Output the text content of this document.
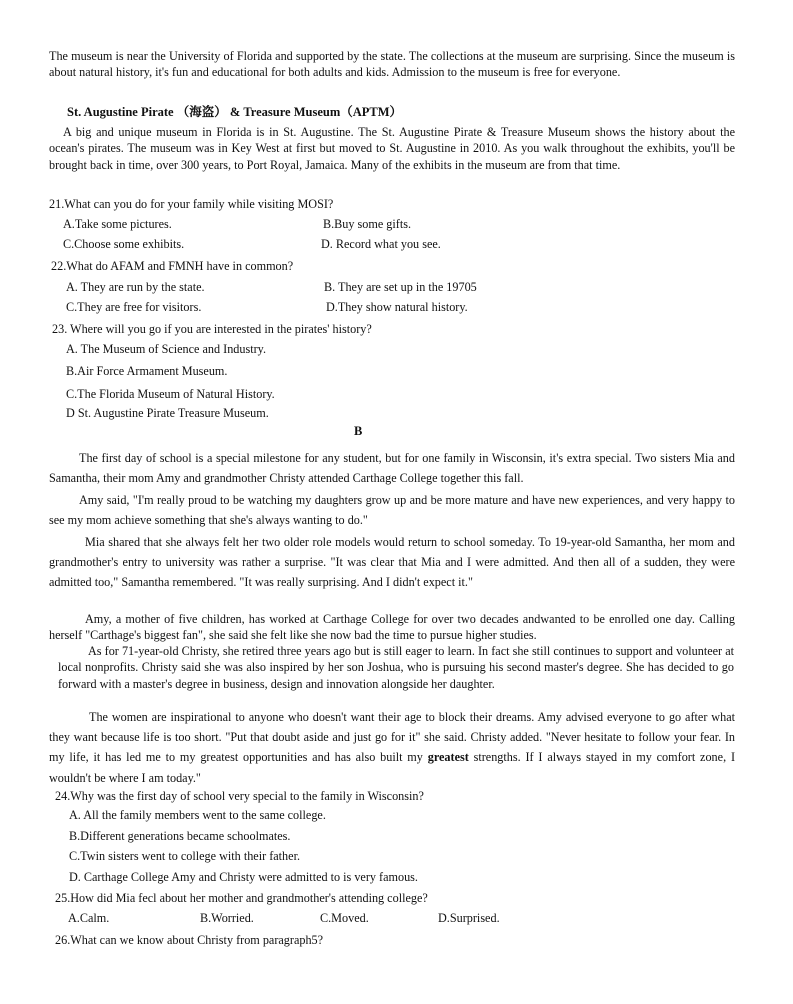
The museum is near the University of Florida and supported by the state. The collections at the museum are surprising. Since the museum is about natural history, it's fun and educational for both adults and kids. Admission to the museum is free for everyone.

St. Augustine Pirate （海盗） & Treasure Museum（APTM）

A big and unique museum in Florida is in St. Augustine. The St. Augustine Pirate & Treasure Museum shows the history about the ocean's pirates. The museum was in Key West at first but moved to St. Augustine in 2010. As you walk throughout the exhibits, you'll be brought back in time, over 300 years, to Port Royal, Jamaica. Many of the exhibits in the museum are from that time.

21.What can you do for your family while visiting MOSI?

A.Take some pictures.	B.Buy some gifts.

C.Choose some exhibits.	D. Record what you see.

22.What do AFAM and FMNH have in common?

A. They are run by the state.	B. They are set up in the 19705

C.They are free for visitors.	D.They show natural history.

23. Where will you go if you are interested in the pirates' history?

A. The Museum of Science and Industry.

B.Air Force Armament Museum.

C.The Florida Museum of Natural History.

D St. Augustine Pirate Treasure Museum.

B

The first day of school is a special milestone for any student, but for one family in Wisconsin, it's extra special. Two sisters Mia and Samantha, their mom Amy and grandmother Christy attended Carthage College together this fall.

Amy said, "I'm really proud to be watching my daughters grow up and be more mature and have new experiences, and very happy to see my mom achieve something that she's always wanting to do."

Mia shared that she always felt her two older role models would return to school someday. To 19-year-old Samantha, her mom and grandmother's entry to university was rather a surprise. "It was clear that Mia and I were admitted. And then all of a sudden, they were admitted too," Samantha remembered. "It was really surprising. And I didn't expect it."

Amy, a mother of five children, has worked at Carthage College for over two decades andwanted to be enrolled one day. Calling herself "Carthage's biggest fan", she said she felt like she now bad the time to pursue higher studies.

As for 71-year-old Christy, she retired three years ago but is still eager to learn. In fact she still continues to support and volunteer at local nonprofits. Christy said she was also inspired by her son Joshua, who is pursuing his second master's degree. She has decided to go forward with a master's degree in business, design and innovation alongside her daughter.

The women are inspirational to anyone who doesn't want their age to block their dreams. Amy advised everyone to go after what they want because life is too short. "Put that doubt aside and just go for it" she said. Christy added. "Never hesitate to follow your fear. In my life, it has led me to my greatest opportunities and has also built my greatest strengths. If I always stayed in my comfort zone, I wouldn't be where I am today."

24.Why was the first day of school very special to the family in Wisconsin?

A. All the family members went to the same college.

B.Different generations became schoolmates.

C.Twin sisters went to college with their father.

D. Carthage College Amy and Christy were admitted to is very famous.

25.How did Mia fecl about her mother and grandmother's attending college?

A.Calm.	B.Worried.	C.Moved.	D.Surprised.

26.What can we know about Christy from paragraph5?
